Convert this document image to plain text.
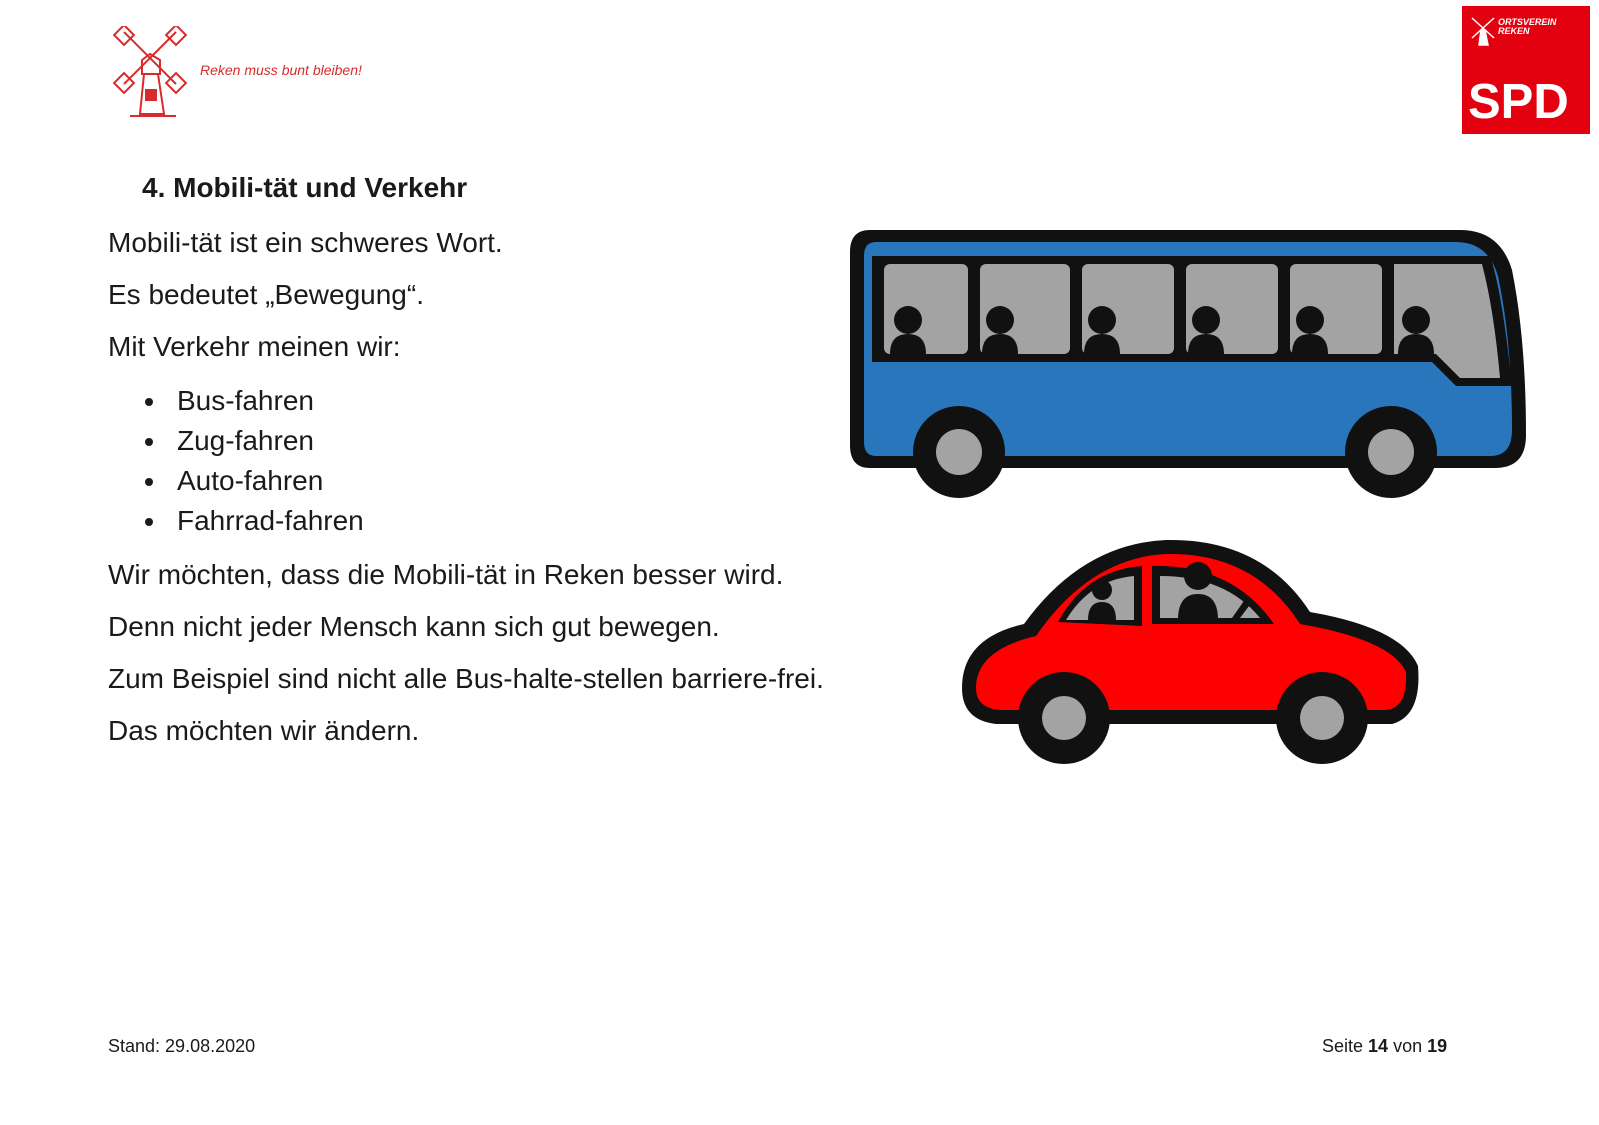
Reken muss bunt bleiben!
ORTSVEREIN
REKEN
SPD
4. Mobili-tät und Verkehr
Mobili-tät ist ein schweres Wort.
Es bedeutet „Bewegung“.
Mit Verkehr meinen wir:
Bus-fahren
Zug-fahren
Auto-fahren
Fahrrad-fahren
Wir möchten, dass die Mobili-tät in Reken besser wird.
Denn nicht jeder Mensch kann sich gut bewegen.
Zum Beispiel sind nicht alle Bus-halte-stellen barriere-frei.
Das möchten wir ändern.
Stand: 29.08.2020	Seite 14 von 19
